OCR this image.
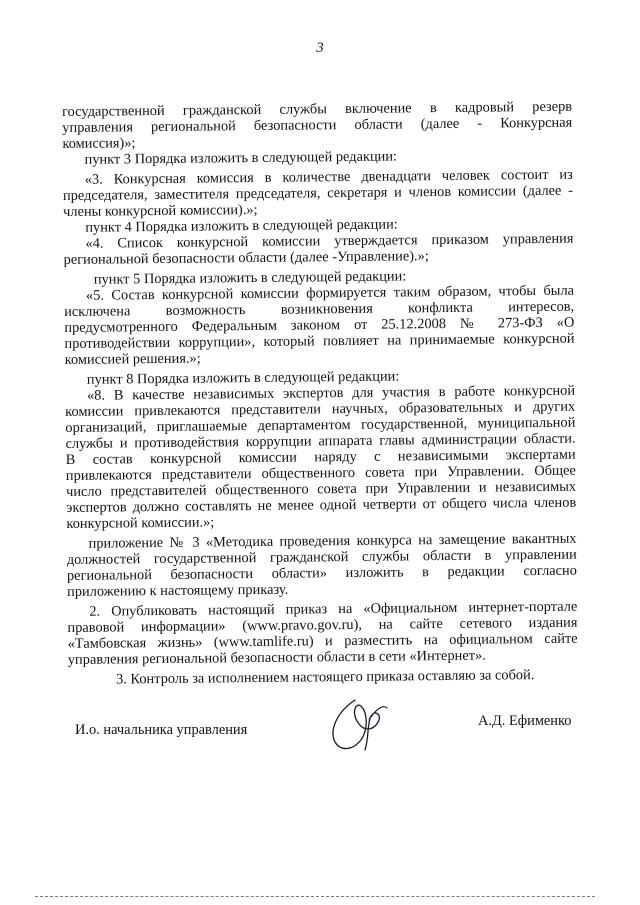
3
государственной гражданской службы включение в кадровый резерв
управления регионaльной безопасности области (далее - Конкурсная
комиссия)»;
пункт 3 Порядка изложить в следующей редакции:
«3. Конкурсная комиссия в количестве двенадцати человек состоит из
председателя, заместителя председателя, секретаря и членов комиссии (далее -
члены конкурсной комиссии).»;
пункт 4 Порядка изложить в следующей редакции:
«4. Список конкурсной комиссии утверждается приказом управления
региональной безопасности области (далее -Управление).»;
пункт 5 Порядка изложить в следующей редакции:
«5. Состав конкурсной комиссии формируется таким образом, чтобы была
исключена возможность возникновения конфликта интересов,
предусмотренного Федеральным законом от 25.12.2008 № 273-ФЗ «О
противодействии коррупции», который повлияет на принимаемые конкурсной
комиссией решения.»;
пункт 8 Порядка изложить в следующей редакции:
«8. В качестве независимых экспертов для участия в работе конкурсной
комиссии привлекаются представители научных, образовательных и других
организаций, приглашаемые департаментом государственной, муниципальной
службы и противодействия коррупции аппарата главы администрации области.
В состав конкурсной комиссии наряду с независимыми экспертами
привлекаются представители общественного совета при Управлении. Общее
число представителей общественного совета при Управлении и независимых
экспертов должно составлять не менее одной четверти от общего числа членов
конкурсной комиссии.»;
приложение № 3 «Методика проведения конкурса на замещение вакантных
должностей государственной гражданской службы области в управлении
региональной безопасности области» изложить в редакции согласно
приложению к настоящему приказу.
2. Опубликовать настоящий приказ на «Официальном интернет-портале
правовой информации» (www.pravo.gov.ru), на сайте сетевого издания
«Тамбовская жизнь» (www.tamlife.ru) и разместить на официальном сайте
управления региональной безопасности области в сети «Интернет».
3. Контроль за исполнением настоящего приказа оставляю за собой.
И.о. начальника управления
А.Д. Ефименко
